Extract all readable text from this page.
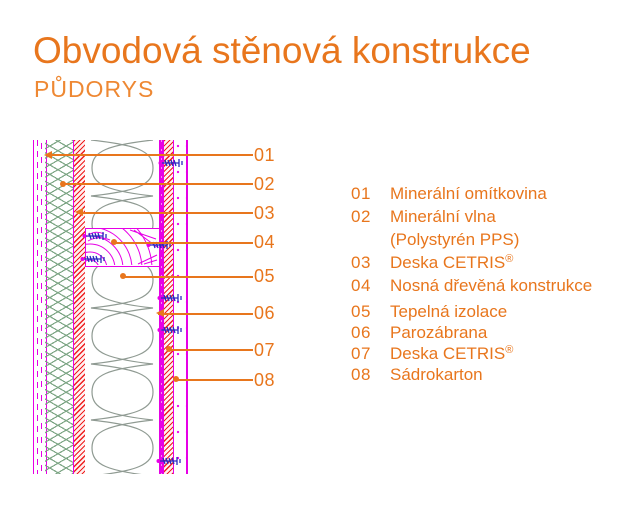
Obvodová stěnová konstrukce
PŮDORYS
01
02
03
04
05
06
07
08
01	Minerální omítkovina
02	Minerální vlna
(Polystyrén PPS)
03	Deska CETRIS®
04	Nosná dřevěná konstrukce
05	Tepelná izolace
06	Parozábrana
07	Deska CETRIS®
08	Sádrokarton
